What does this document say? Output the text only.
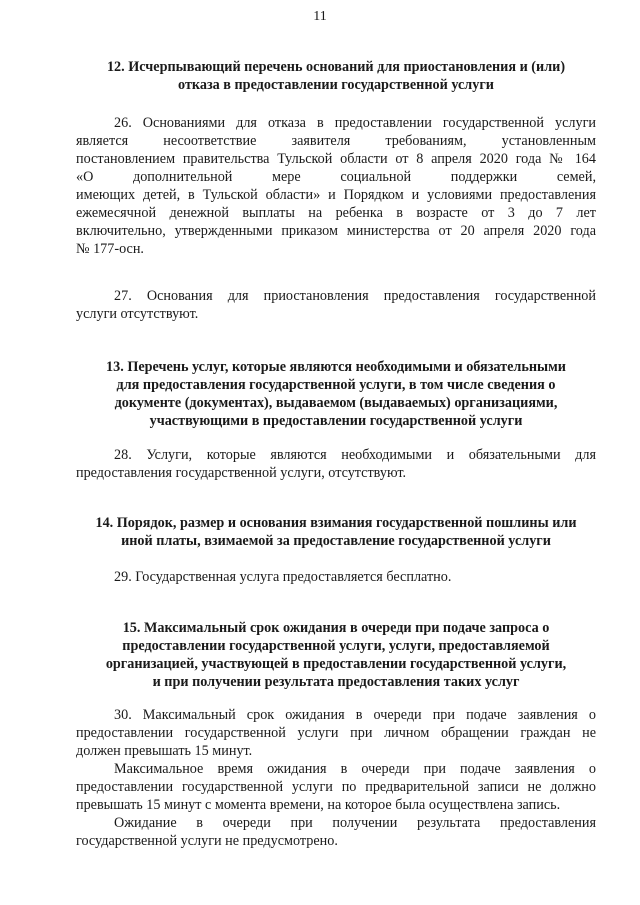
11
12. Исчерпывающий перечень оснований для приостановления и (или)
отказа в предоставлении государственной услуги
26. Основаниями для отказа в предоставлении государственной услуги
является несоответствие заявителя требованиям, установленным
постановлением правительства Тульской области от 8 апреля 2020 года № 164
«О дополнительной мере социальной поддержки семей,
имеющих детей, в Тульской области» и Порядком и условиями предоставления
ежемесячной денежной выплаты на ребенка в возрасте от 3 до 7 лет
включительно, утвержденными приказом министерства от 20 апреля 2020 года
№ 177-осн.
27. Основания для приостановления предоставления государственной
услуги отсутствуют.
13. Перечень услуг, которые являются необходимыми и обязательными
для предоставления государственной услуги, в том числе сведения о
документе (документах), выдаваемом (выдаваемых) организациями,
участвующими в предоставлении государственной услуги
28. Услуги, которые являются необходимыми и обязательными для
предоставления государственной услуги, отсутствуют.
14. Порядок, размер и основания взимания государственной пошлины или
иной платы, взимаемой за предоставление государственной услуги
29. Государственная услуга предоставляется бесплатно.
15. Максимальный срок ожидания в очереди при подаче запроса о
предоставлении государственной услуги, услуги, предоставляемой
организацией, участвующей в предоставлении государственной услуги,
и при получении результата предоставления таких услуг
30. Максимальный срок ожидания в очереди при подаче заявления о
предоставлении государственной услуги при личном обращении граждан не
должен превышать 15 минут.
Максимальное время ожидания в очереди при подаче заявления о
предоставлении государственной услуги по предварительной записи не должно
превышать 15 минут с момента времени, на которое была осуществлена запись.
Ожидание в очереди при получении результата предоставления
государственной услуги не предусмотрено.
